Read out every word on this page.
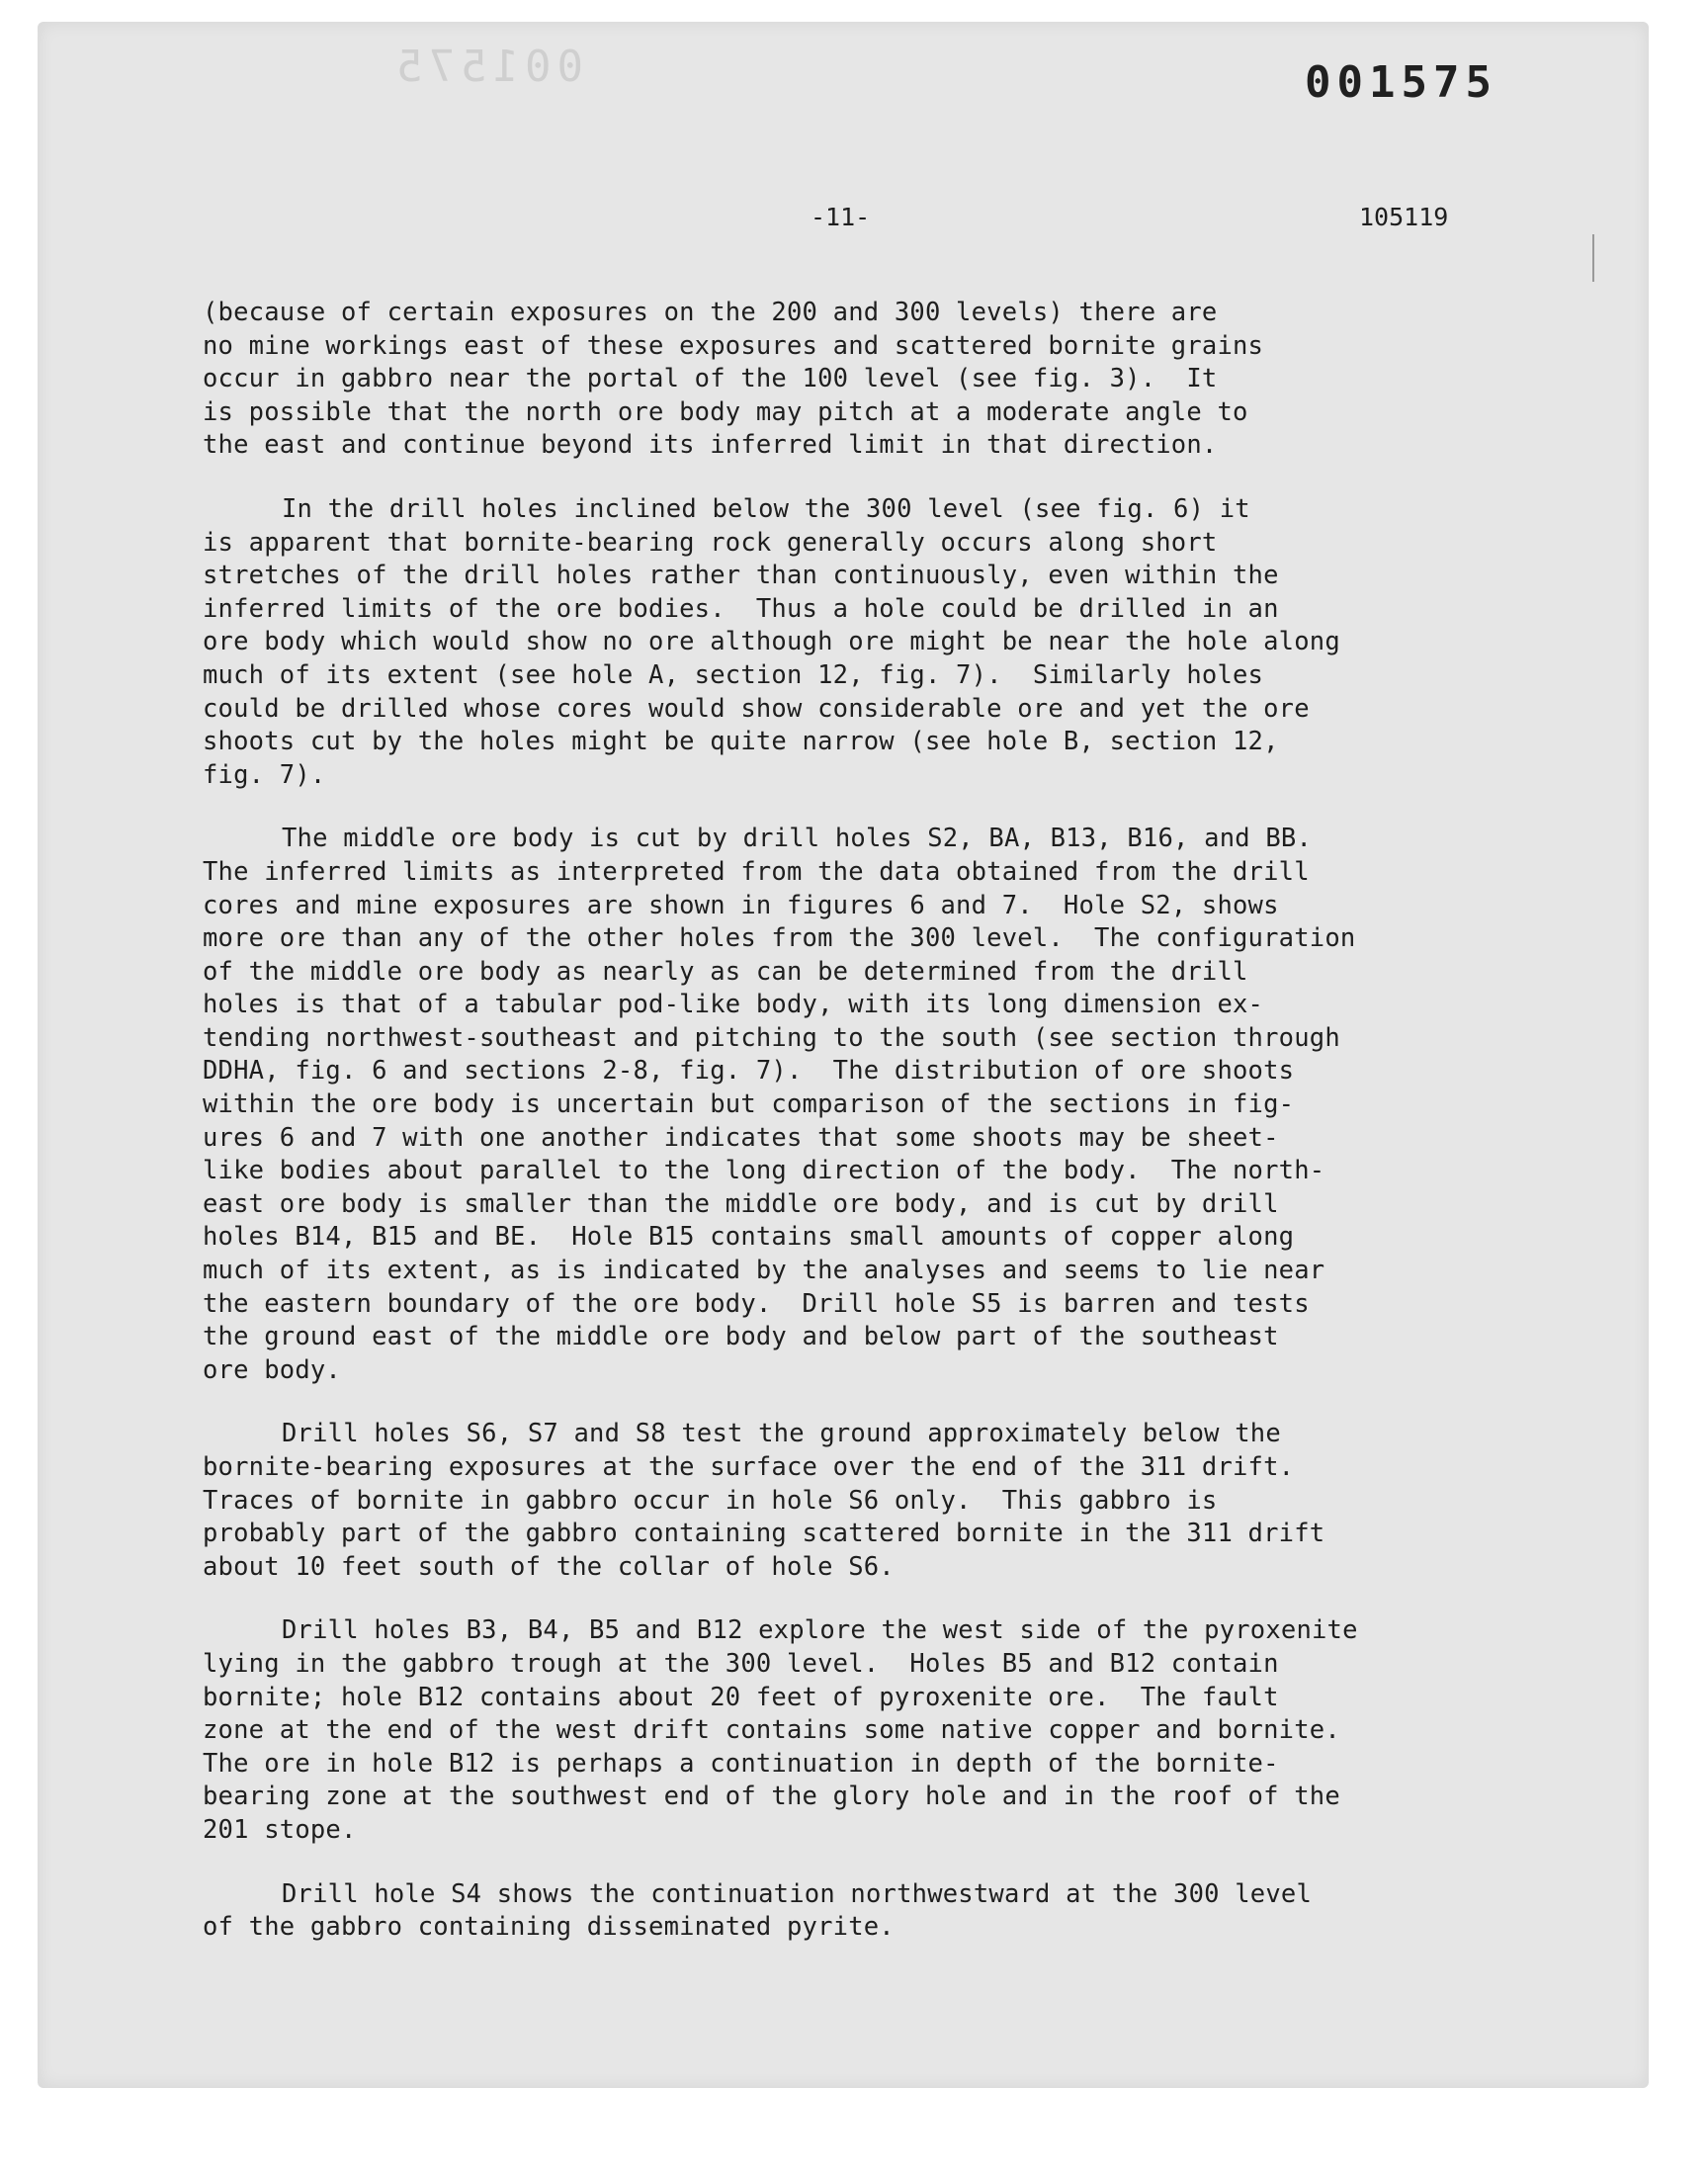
001575	001575
-11-	105119
(because of certain exposures on the 200 and 300 levels) there are
no mine workings east of these exposures and scattered bornite grains
occur in gabbro near the portal of the 100 level (see fig. 3).  It
is possible that the north ore body may pitch at a moderate angle to
the east and continue beyond its inferred limit in that direction.
In the drill holes inclined below the 300 level (see fig. 6) it
is apparent that bornite-bearing rock generally occurs along short
stretches of the drill holes rather than continuously, even within the
inferred limits of the ore bodies.  Thus a hole could be drilled in an
ore body which would show no ore although ore might be near the hole along
much of its extent (see hole A, section 12, fig. 7).  Similarly holes
could be drilled whose cores would show considerable ore and yet the ore
shoots cut by the holes might be quite narrow (see hole B, section 12,
fig. 7).
The middle ore body is cut by drill holes S2, BA, B13, B16, and BB.
The inferred limits as interpreted from the data obtained from the drill
cores and mine exposures are shown in figures 6 and 7.  Hole S2, shows
more ore than any of the other holes from the 300 level.  The configuration
of the middle ore body as nearly as can be determined from the drill
holes is that of a tabular pod-like body, with its long dimension ex-
tending northwest-southeast and pitching to the south (see section through
DDHA, fig. 6 and sections 2-8, fig. 7).  The distribution of ore shoots
within the ore body is uncertain but comparison of the sections in fig-
ures 6 and 7 with one another indicates that some shoots may be sheet-
like bodies about parallel to the long direction of the body.  The north-
east ore body is smaller than the middle ore body, and is cut by drill
holes B14, B15 and BE.  Hole B15 contains small amounts of copper along
much of its extent, as is indicated by the analyses and seems to lie near
the eastern boundary of the ore body.  Drill hole S5 is barren and tests
the ground east of the middle ore body and below part of the southeast
ore body.
Drill holes S6, S7 and S8 test the ground approximately below the
bornite-bearing exposures at the surface over the end of the 311 drift.
Traces of bornite in gabbro occur in hole S6 only.  This gabbro is
probably part of the gabbro containing scattered bornite in the 311 drift
about 10 feet south of the collar of hole S6.
Drill holes B3, B4, B5 and B12 explore the west side of the pyroxenite
lying in the gabbro trough at the 300 level.  Holes B5 and B12 contain
bornite; hole B12 contains about 20 feet of pyroxenite ore.  The fault
zone at the end of the west drift contains some native copper and bornite.
The ore in hole B12 is perhaps a continuation in depth of the bornite-
bearing zone at the southwest end of the glory hole and in the roof of the
201 stope.
Drill hole S4 shows the continuation northwestward at the 300 level
of the gabbro containing disseminated pyrite.
